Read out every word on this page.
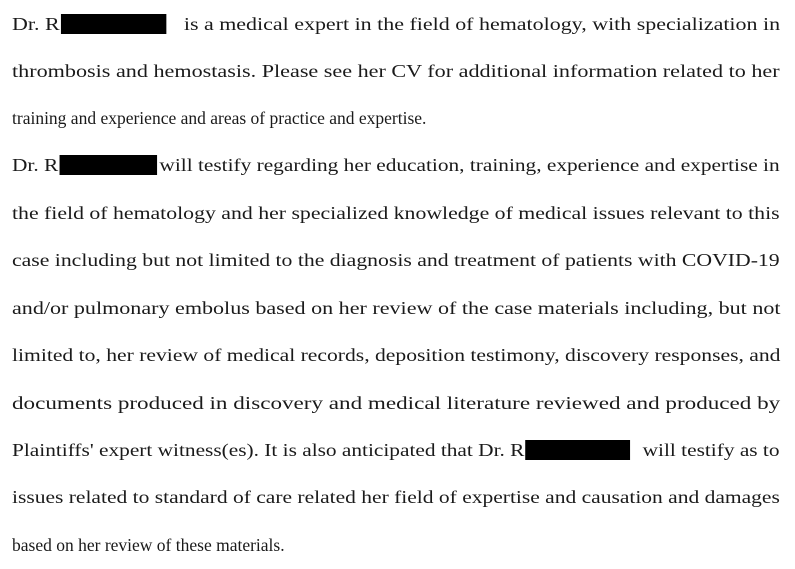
Dr. R	is a medical expert in the field of hematology, with specialization in
thrombosis and hemostasis. Please see her CV for additional information related to her
training and experience and areas of practice and expertise.
Dr. R	will testify regarding her education, training, experience and expertise in
the field of hematology and her specialized knowledge of medical issues relevant to this
case including but not limited to the diagnosis and treatment of patients with COVID-19
and/or pulmonary embolus based on her review of the case materials including, but not
limited to, her review of medical records, deposition testimony, discovery responses, and
documents produced in discovery and medical literature reviewed and produced by
Plaintiffs' expert witness(es). It is also anticipated that Dr. R	will testify as to
issues related to standard of care related her field of expertise and causation and damages
based on her review of these materials.
